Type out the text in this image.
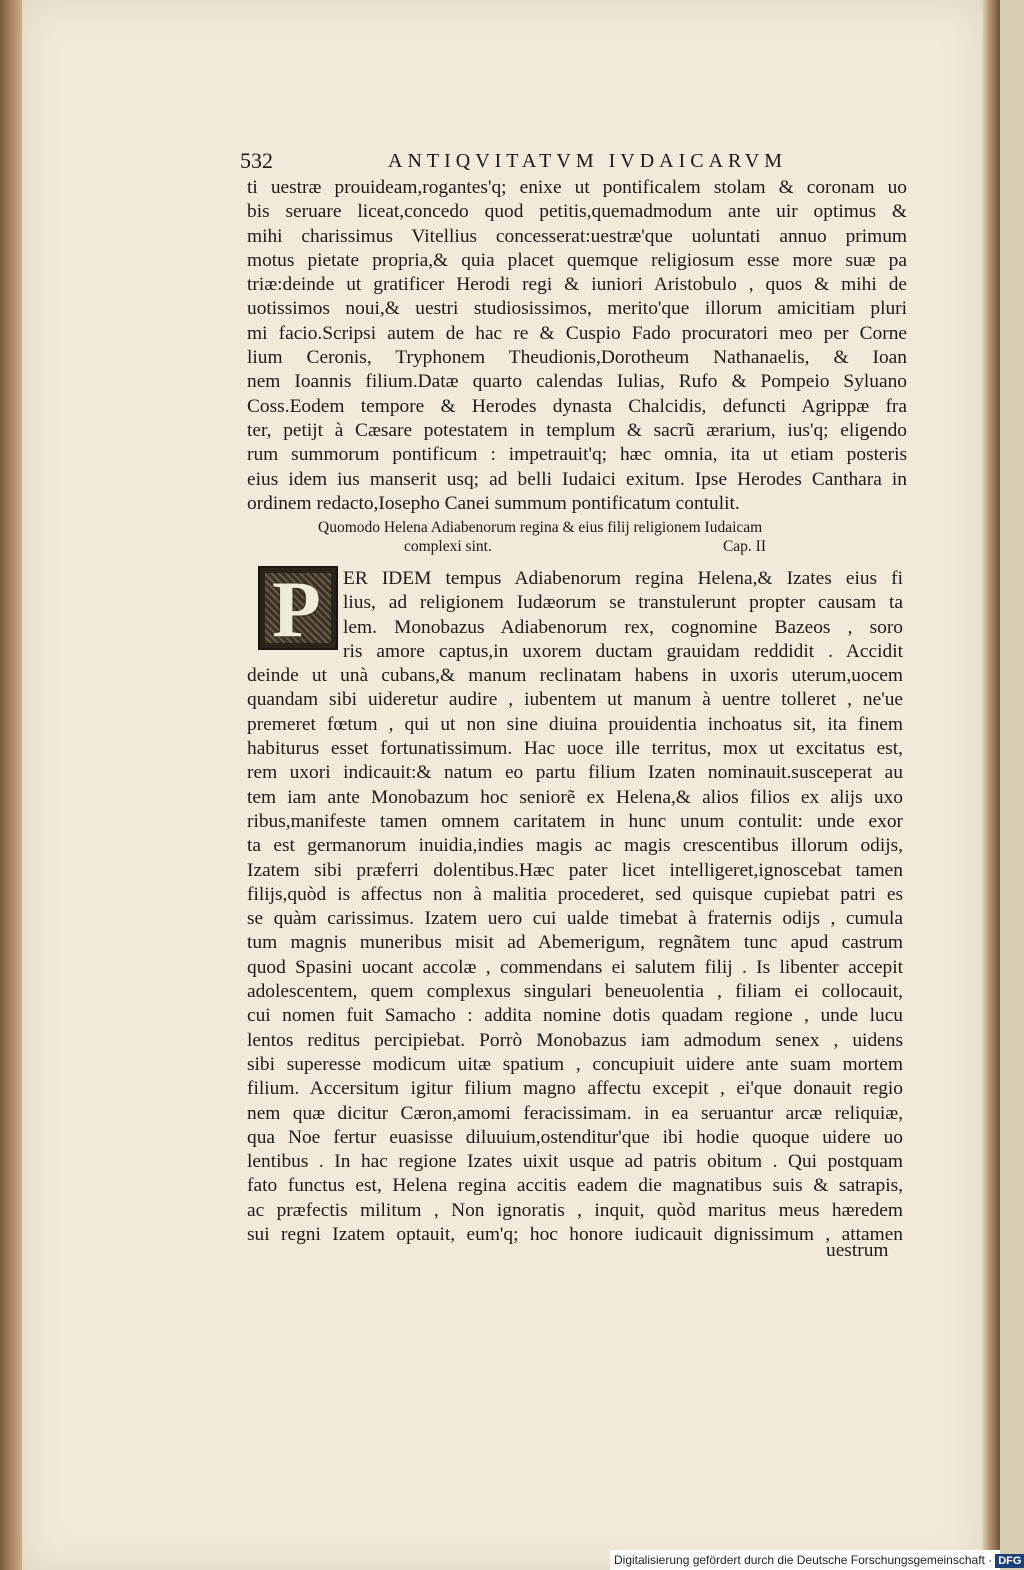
532	ANTIQVITATVM IVDAICARVM
ti uestræ prouideam,rogantes'q; enixe ut pontificalem stolam & coronam uo
bis seruare liceat,concedo quod petitis,quemadmodum ante uir optimus &
mihi charissimus Vitellius concesserat:uestræ'que uoluntati annuo primum
motus pietate propria,& quia placet quemque religiosum esse more suæ pa
triæ:deinde ut gratificer Herodi regi & iuniori Aristobulo , quos & mihi de
uotissimos noui,& uestri studiosissimos, merito'que illorum amicitiam pluri
mi facio.Scripsi autem de hac re & Cuspio Fado procuratori meo per Corne
lium Ceronis, Tryphonem Theudionis,Dorotheum Nathanaelis, & Ioan
nem Ioannis filium.Datæ quarto calendas Iulias, Rufo & Pompeio Syluano
Coss.Eodem tempore & Herodes dynasta Chalcidis, defuncti Agrippæ fra
ter, petijt à Cæsare potestatem in templum & sacrũ ærarium, ius'q; eligendo
rum summorum pontificum : impetrauit'q; hæc omnia, ita ut etiam posteris
eius idem ius manserit usq; ad belli Iudaici exitum. Ipse Herodes Canthara in
ordinem redacto,Iosepho Canei summum pontificatum contulit.
Quomodo Helena Adiabenorum regina & eius filij religionem Iudaicam
complexi sint.	Cap. II
P	ER IDEM tempus Adiabenorum regina Helena,& Izates eius fi
lius, ad religionem Iudæorum se transtulerunt propter causam ta
lem. Monobazus Adiabenorum rex, cognomine Bazeos , soro
ris amore captus,in uxorem ductam grauidam reddidit . Accidit
deinde ut unà cubans,& manum reclinatam habens in uxoris uterum,uocem
quandam sibi uideretur audire , iubentem ut manum à uentre tolleret , ne'ue
premeret fœtum , qui ut non sine diuina prouidentia inchoatus sit, ita finem
habiturus esset fortunatissimum. Hac uoce ille territus, mox ut excitatus est,
rem uxori indicauit:& natum eo partu filium Izaten nominauit.susceperat au
tem iam ante Monobazum hoc seniorẽ ex Helena,& alios filios ex alijs uxo
ribus,manifeste tamen omnem caritatem in hunc unum contulit: unde exor
ta est germanorum inuidia,indies magis ac magis crescentibus illorum odijs,
Izatem sibi præferri dolentibus.Hæc pater licet intelligeret,ignoscebat tamen
filijs,quòd is affectus non à malitia procederet, sed quisque cupiebat patri es
se quàm carissimus. Izatem uero cui ualde timebat à fraternis odijs , cumula
tum magnis muneribus misit ad Abemerigum, regnãtem tunc apud castrum
quod Spasini uocant accolæ , commendans ei salutem filij . Is libenter accepit
adolescentem, quem complexus singulari beneuolentia , filiam ei collocauit,
cui nomen fuit Samacho : addita nomine dotis quadam regione , unde lucu
lentos reditus percipiebat. Porrò Monobazus iam admodum senex , uidens
sibi superesse modicum uitæ spatium , concupiuit uidere ante suam mortem
filium. Accersitum igitur filium magno affectu excepit , ei'que donauit regio
nem quæ dicitur Cæron,amomi feracissimam. in ea seruantur arcæ reliquiæ,
qua Noe fertur euasisse diluuium,ostenditur'que ibi hodie quoque uidere uo
lentibus . In hac regione Izates uixit usque ad patris obitum . Qui postquam
fato functus est, Helena regina accitis eadem die magnatibus suis & satrapis,
ac præfectis militum , Non ignoratis , inquit, quòd maritus meus hæredem
sui regni Izatem optauit, eum'q; hoc honore iudicauit dignissimum , attamen
uestrum
Digitalisierung gefördert durch die Deutsche Forschungsgemeinschaft · DFG
